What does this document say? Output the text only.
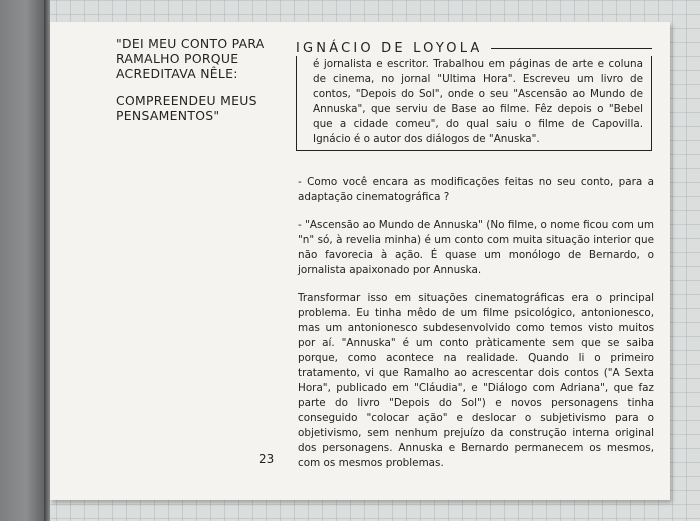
"DEI MEU CONTO PARA RAMALHO PORQUE ACREDITAVA NÊLE:

COMPREENDEU MEUS PENSAMENTOS"

IGNÁCIO DE LOYOLA
é jornalista e escritor. Trabalhou em páginas de arte e coluna de cinema, no jornal "Ultima Hora". Escreveu um livro de contos, "Depois do Sol", onde o seu "Ascensão ao Mundo de Annuska", que serviu de Base ao filme. Fêz depois o "Bebel que a cidade comeu", do qual saiu o filme de Capovilla. Ignácio é o autor dos diálogos de "Anuska".

- Como você encara as modificações feitas no seu conto, para a adaptação cinematográfica ?

- "Ascensão ao Mundo de Annuska" (No filme, o nome ficou com um "n" só, à revelia minha) é um conto com muita situação interior que não favorecia à ação. É quase um monólogo de Bernardo, o jornalista apaixonado por Annuska.

Transformar isso em situações cinematográficas era o principal problema. Eu tinha mêdo de um filme psicológico, antonionesco, mas um antonionesco subdesenvolvido como temos visto muitos por aí. "Annuska" é um conto pràticamente sem que se saiba porque, como acontece na realidade. Quando li o primeiro tratamento, vi que Ramalho ao acrescentar dois contos ("A Sexta Hora", publicado em "Cláudia", e "Diálogo com Adriana", que faz parte do livro "Depois do Sol") e novos personagens tinha conseguido "colocar ação" e deslocar o subjetivismo para o objetivismo, sem nenhum prejuízo da construção interna original dos personagens. Annuska e Bernardo permanecem os mesmos, com os mesmos problemas.

23
